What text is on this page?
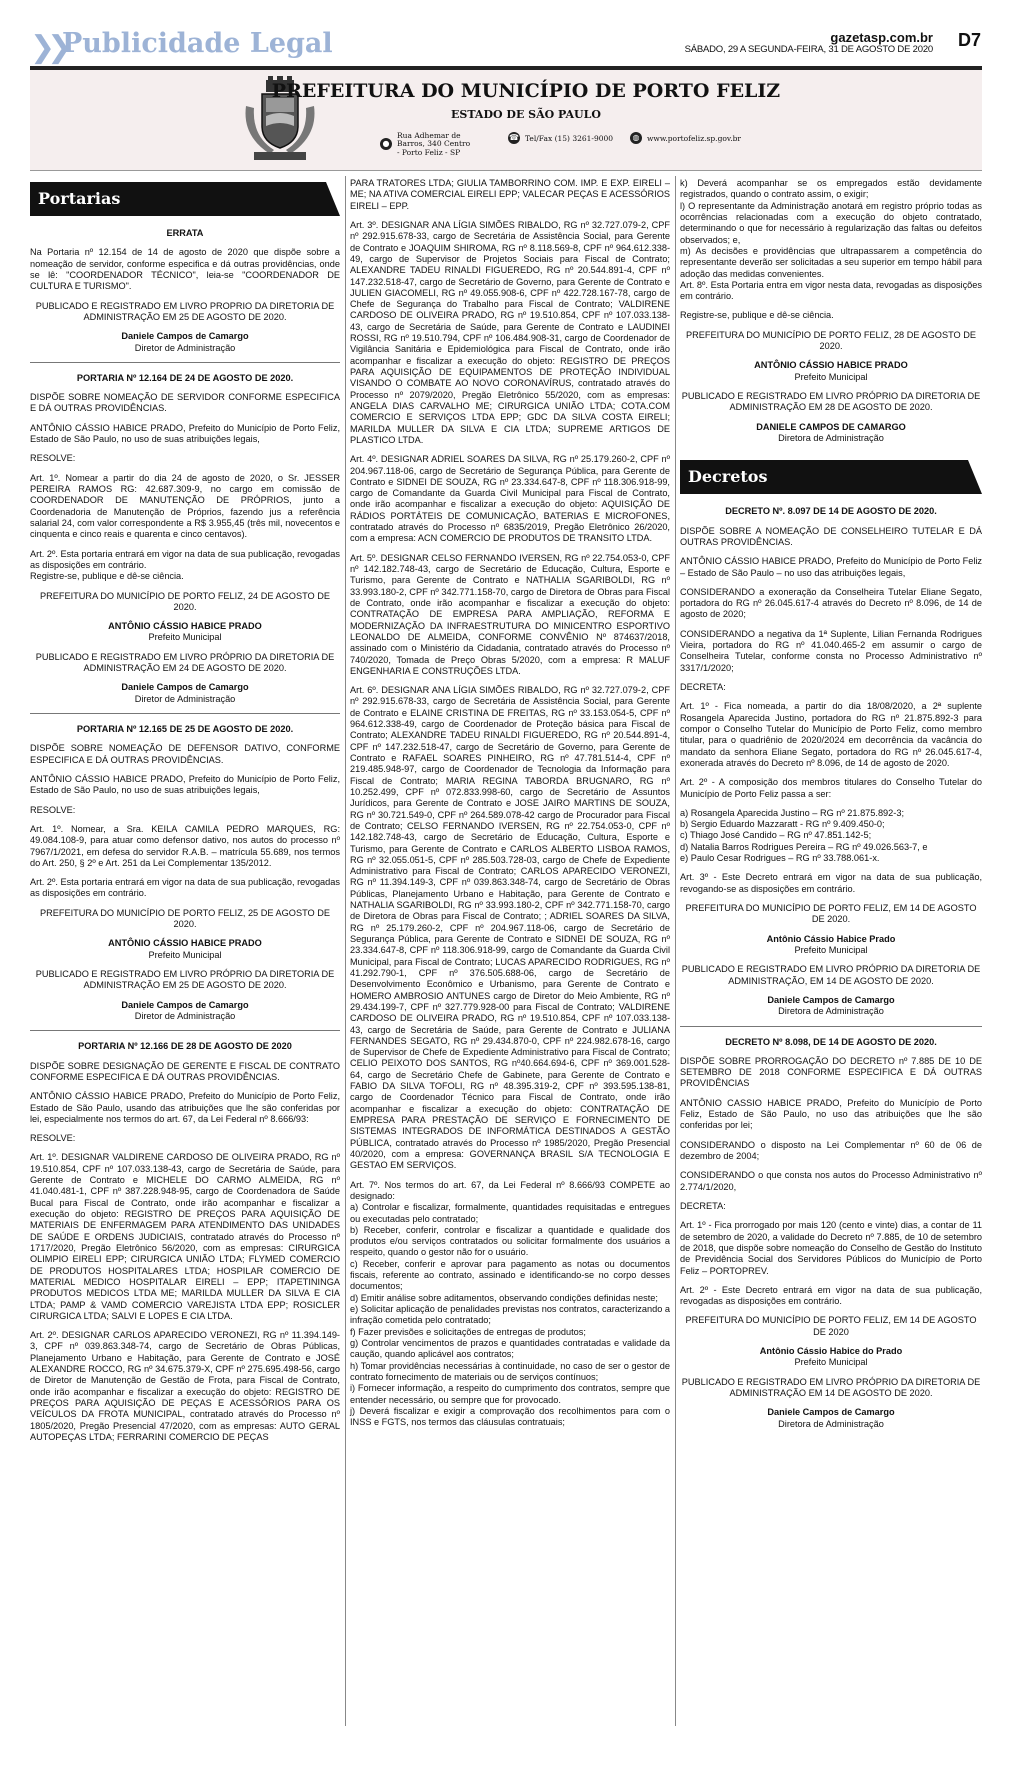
❯❯
Publicidade Legal	gazetasp.com.br
SÁBADO, 29 A SEGUNDA-FEIRA, 31 DE AGOSTO DE 2020 D7
PREFEITURA DO MUNICÍPIO DE PORTO FELIZ
ESTADO DE SÃO PAULO
●
Rua Adhemar de Barros, 340 Centro - Porto Feliz - SP
☎ Tel/Fax (15) 3261-9000	◍	www.portofeliz.sp.gov.br
Portarias

ERRATA

Na Portaria nº 12.154 de 14 de agosto de 2020 que dispõe sobre a nomeação de servidor, conforme especifica e dá outras providências, onde se lê: "COORDENADOR TÉCNICO", leia-se "COORDENADOR DE CULTURA E TURISMO".

PUBLICADO E REGISTRADO EM LIVRO PROPRIO DA DIRETORIA DE ADMINISTRAÇÃO EM 25 DE AGOSTO DE 2020.

Daniele Campos de Camargo
Diretor de Administração

PORTARIA Nº 12.164 DE 24 DE AGOSTO DE 2020.

DISPÕE SOBRE NOMEAÇÃO DE SERVIDOR CONFORME ESPECIFICA E DÁ OUTRAS PROVIDÊNCIAS.

ANTÔNIO CÁSSIO HABICE PRADO, Prefeito do Município de Porto Feliz, Estado de São Paulo, no uso de suas atribuições legais,

RESOLVE:

Art. 1º. Nomear a partir do dia 24 de agosto de 2020, o Sr. JESSER PEREIRA RAMOS RG: 42.687.309-9, no cargo em comissão de COORDENADOR DE MANUTENÇÃO DE PRÓPRIOS, junto a Coordenadoria de Manutenção de Próprios, fazendo jus a referência salarial 24, com valor correspondente a R$ 3.955,45 (três mil, novecentos e cinquenta e cinco reais e quarenta e cinco centavos).

Art. 2º. Esta portaria entrará em vigor na data de sua publicação, revogadas as disposições em contrário.

Registre-se, publique e dê-se ciência.

PREFEITURA DO MUNICÍPIO DE PORTO FELIZ, 24 DE AGOSTO DE 2020.

ANTÔNIO CÁSSIO HABICE PRADO
Prefeito Municipal

PUBLICADO E REGISTRADO EM LIVRO PRÓPRIO DA DIRETORIA DE ADMINISTRAÇÃO EM 24 DE AGOSTO DE 2020.

Daniele Campos de Camargo
Diretor de Administração

PORTARIA Nº 12.165 DE 25 DE AGOSTO DE 2020.

DISPÕE SOBRE NOMEAÇÃO DE DEFENSOR DATIVO, CONFORME ESPECIFICA E DÁ OUTRAS PROVIDÊNCIAS.

ANTÔNIO CÁSSIO HABICE PRADO, Prefeito do Município de Porto Feliz, Estado de São Paulo, no uso de suas atribuições legais,

RESOLVE:

Art. 1º. Nomear, a Sra. KEILA CAMILA PEDRO MARQUES, RG: 49.084.108-9, para atuar como defensor dativo, nos autos do processo nº 7967/1/2021, em defesa do servidor R.A.B. – matrícula 55.689, nos termos do Art. 250, § 2º e Art. 251 da Lei Complementar 135/2012.

Art. 2º. Esta portaria entrará em vigor na data de sua publicação, revogadas as disposições em contrário.

PREFEITURA DO MUNICÍPIO DE PORTO FELIZ, 25 DE AGOSTO DE 2020.

ANTÔNIO CÁSSIO HABICE PRADO
Prefeito Municipal

PUBLICADO E REGISTRADO EM LIVRO PRÓPRIO DA DIRETORIA DE ADMINISTRAÇÃO EM 25 DE AGOSTO DE 2020.

Daniele Campos de Camargo
Diretor de Administração

PORTARIA Nº 12.166 DE 28 DE AGOSTO DE 2020

DISPÕE SOBRE DESIGNAÇÃO DE GERENTE E FISCAL DE CONTRATO CONFORME ESPECIFICA E DÁ OUTRAS PROVIDÊNCIAS.

ANTÔNIO CÁSSIO HABICE PRADO, Prefeito do Município de Porto Feliz, Estado de São Paulo, usando das atribuições que lhe são conferidas por lei, especialmente nos termos do art. 67, da Lei Federal nº 8.666/93:

RESOLVE:

Art. 1º. DESIGNAR VALDIRENE CARDOSO DE OLIVEIRA PRADO, RG nº 19.510.854, CPF nº 107.033.138-43, cargo de Secretária de Saúde, para Gerente de Contrato e MICHELE DO CARMO ALMEIDA, RG nº 41.040.481-1, CPF nº 387.228.948-95, cargo de Coordenadora de Saúde Bucal para Fiscal de Contrato, onde irão acompanhar e fiscalizar a execução do objeto: REGISTRO DE PREÇOS PARA AQUISIÇÃO DE MATERIAIS DE ENFERMAGEM PARA ATENDIMENTO DAS UNIDADES DE SAÚDE E ORDENS JUDICIAIS, contratado através do Processo nº 1717/2020, Pregão Eletrônico 56/2020, com as empresas: CIRURGICA OLIMPIO EIRELI EPP; CIRURGICA UNIÃO LTDA; FLYMED COMERCIO DE PRODUTOS HOSPITALARES LTDA; HOSPILAR COMERCIO DE MATERIAL MEDICO HOSPITALAR EIRELI – EPP; ITAPETININGA PRODUTOS MEDICOS LTDA ME; MARILDA MULLER DA SILVA E CIA LTDA; PAMP & VAMD COMERCIO VAREJISTA LTDA EPP; ROSICLER CIRURGICA LTDA; SALVI E LOPES E CIA LTDA.

Art. 2º. DESIGNAR CARLOS APARECIDO VERONEZI, RG nº 11.394.149-3, CPF nº 039.863.348-74, cargo de Secretário de Obras Públicas, Planejamento Urbano e Habitação, para Gerente de Contrato e JOSÉ ALEXANDRE ROCCO, RG nº 34.675.379-X, CPF nº 275.695.498-56, cargo de Diretor de Manutenção de Gestão de Frota, para Fiscal de Contrato, onde irão acompanhar e fiscalizar a execução do objeto: REGISTRO DE PREÇOS PARA AQUISIÇÃO DE PEÇAS E ACESSÓRIOS PARA OS VEÍCULOS DA FROTA MUNICIPAL, contratado através do Processo nº 1805/2020, Pregão Presencial 47/2020, com as empresas: AUTO GERAL AUTOPEÇAS LTDA; FERRARINI COMERCIO DE PEÇAS

PARA TRATORES LTDA; GIULIA TAMBORRINO COM. IMP. E EXP. EIRELI – ME; NA ATIVA COMERCIAL EIRELI EPP; VALECAR PEÇAS E ACESSÓRIOS EIRELI – EPP.

Art. 3º. DESIGNAR ANA LÍGIA SIMÕES RIBALDO, RG nº 32.727.079-2, CPF nº 292.915.678-33, cargo de Secretária de Assistência Social, para Gerente de Contrato e JOAQUIM SHIROMA, RG nº 8.118.569-8, CPF nº 964.612.338-49, cargo de Supervisor de Projetos Sociais para Fiscal de Contrato; ALEXANDRE TADEU RINALDI FIGUEREDO, RG nº 20.544.891-4, CPF nº 147.232.518-47, cargo de Secretário de Governo, para Gerente de Contrato e JULIEN GIACOMELI, RG nº 49.055.908-6, CPF nº 422.728.167-78, cargo de Chefe de Segurança do Trabalho para Fiscal de Contrato; VALDIRENE CARDOSO DE OLIVEIRA PRADO, RG nº 19.510.854, CPF nº 107.033.138-43, cargo de Secretária de Saúde, para Gerente de Contrato e LAUDINEI ROSSI, RG nº 19.510.794, CPF nº 106.484.908-31, cargo de Coordenador de Vigilância Sanitária e Epidemiológica para Fiscal de Contrato, onde irão acompanhar e fiscalizar a execução do objeto: REGISTRO DE PREÇOS PARA AQUISIÇÃO DE EQUIPAMENTOS DE PROTEÇÃO INDIVIDUAL VISANDO O COMBATE AO NOVO CORONAVÍRUS, contratado através do Processo nº 2079/2020, Pregão Eletrônico 55/2020, com as empresas: ANGELA DIAS CARVALHO ME; CIRURGICA UNIÃO LTDA; COTA.COM COMERCIO E SERVIÇOS LTDA EPP; GDC DA SILVA COSTA EIRELI; MARILDA MULLER DA SILVA E CIA LTDA; SUPREME ARTIGOS DE PLASTICO LTDA.

Art. 4º. DESIGNAR ADRIEL SOARES DA SILVA, RG nº 25.179.260-2, CPF nº 204.967.118-06, cargo de Secretário de Segurança Pública, para Gerente de Contrato e SIDNEI DE SOUZA, RG nº 23.334.647-8, CPF nº 118.306.918-99, cargo de Comandante da Guarda Civil Municipal para Fiscal de Contrato, onde irão acompanhar e fiscalizar a execução do objeto: AQUISIÇÃO DE RÁDIOS PORTÁTEIS DE COMUNICAÇÃO, BATERIAS E MICROFONES, contratado através do Processo nº 6835/2019, Pregão Eletrônico 26/2020, com a empresa: ACN COMERCIO DE PRODUTOS DE TRANSITO LTDA.

Art. 5º. DESIGNAR CELSO FERNANDO IVERSEN, RG nº 22.754.053-0, CPF nº 142.182.748-43, cargo de Secretário de Educação, Cultura, Esporte e Turismo, para Gerente de Contrato e NATHALIA SGARIBOLDI, RG nº 33.993.180-2, CPF nº 342.771.158-70, cargo de Diretora de Obras para Fiscal de Contrato, onde irão acompanhar e fiscalizar a execução do objeto: CONTRATAÇÃO DE EMPRESA PARA AMPLIAÇÃO, REFORMA E MODERNIZAÇÃO DA INFRAESTRUTURA DO MINICENTRO ESPORTIVO LEONALDO DE ALMEIDA, CONFORME CONVÊNIO Nº 874637/2018, assinado com o Ministério da Cidadania, contratado através do Processo nº 740/2020, Tomada de Preço Obras 5/2020, com a empresa: R MALUF ENGENHARIA E CONSTRUÇÕES LTDA.

Art. 6º. DESIGNAR ANA LÍGIA SIMÕES RIBALDO, RG nº 32.727.079-2, CPF nº 292.915.678-33, cargo de Secretária de Assistência Social, para Gerente de Contrato e ELAINE CRISTINA DE FREITAS, RG nº 33.153.054-5, CPF nº 964.612.338-49, cargo de Coordenador de Proteção básica para Fiscal de Contrato; ALEXANDRE TADEU RINALDI FIGUEREDO, RG nº 20.544.891-4, CPF nº 147.232.518-47, cargo de Secretário de Governo, para Gerente de Contrato e RAFAEL SOARES PINHEIRO, RG nº 47.781.514-4, CPF nº 219.485.948-97, cargo de Coordenador de Tecnologia da Informação para Fiscal de Contrato; MARIA REGINA TABORDA BRUGNARO, RG nº 10.252.499, CPF nº 072.833.998-60, cargo de Secretário de Assuntos Jurídicos, para Gerente de Contrato e JOSE JAIRO MARTINS DE SOUZA, RG nº 30.721.549-0, CPF nº 264.589.078-42 cargo de Procurador para Fiscal de Contrato; CELSO FERNANDO IVERSEN, RG nº 22.754.053-0, CPF nº 142.182.748-43, cargo de Secretário de Educação, Cultura, Esporte e Turismo, para Gerente de Contrato e CARLOS ALBERTO LISBOA RAMOS, RG nº 32.055.051-5, CPF nº 285.503.728-03, cargo de Chefe de Expediente Administrativo para Fiscal de Contrato; CARLOS APARECIDO VERONEZI, RG nº 11.394.149-3, CPF nº 039.863.348-74, cargo de Secretário de Obras Públicas, Planejamento Urbano e Habitação, para Gerente de Contrato e NATHALIA SGARIBOLDI, RG nº 33.993.180-2, CPF nº 342.771.158-70, cargo de Diretora de Obras para Fiscal de Contrato; ; ADRIEL SOARES DA SILVA, RG nº 25.179.260-2, CPF nº 204.967.118-06, cargo de Secretário de Segurança Pública, para Gerente de Contrato e SIDNEI DE SOUZA, RG nº 23.334.647-8, CPF nº 118.306.918-99, cargo de Comandante da Guarda Civil Municipal, para Fiscal de Contrato; LUCAS APARECIDO RODRIGUES, RG nº 41.292.790-1, CPF nº 376.505.688-06, cargo de Secretário de Desenvolvimento Econômico e Urbanismo, para Gerente de Contrato e HOMERO AMBROSIO ANTUNES cargo de Diretor do Meio Ambiente, RG nº 29.434.199-7, CPF nº 327.779.928-00 para Fiscal de Contrato; VALDIRENE CARDOSO DE OLIVEIRA PRADO, RG nº 19.510.854, CPF nº 107.033.138-43, cargo de Secretária de Saúde, para Gerente de Contrato e JULIANA FERNANDES SEGATO, RG nº 29.434.870-0, CPF nº 224.982.678-16, cargo de Supervisor de Chefe de Expediente Administrativo para Fiscal de Contrato; CELIO PEIXOTO DOS SANTOS, RG nº40.664.694-6, CPF nº 369.001.528-64, cargo de Secretário Chefe de Gabinete, para Gerente de Contrato e FABIO DA SILVA TOFOLI, RG nº 48.395.319-2, CPF nº 393.595.138-81, cargo de Coordenador Técnico para Fiscal de Contrato, onde irão acompanhar e fiscalizar a execução do objeto: CONTRATAÇÃO DE EMPRESA PARA PRESTAÇÃO DE SERVIÇO E FORNECIMENTO DE SISTEMAS INTEGRADOS DE INFORMÁTICA DESTINADOS A GESTÃO PÚBLICA, contratado através do Processo nº 1985/2020, Pregão Presencial 40/2020, com a empresa: GOVERNANÇA BRASIL S/A TECNOLOGIA E GESTAO EM SERVIÇOS.

Art. 7º. Nos termos do art. 67, da Lei Federal nº 8.666/93 COMPETE ao designado:

a) Controlar e fiscalizar, formalmente, quantidades requisitadas e entregues ou executadas pelo contratado;
b) Receber, conferir, controlar e fiscalizar a quantidade e qualidade dos produtos e/ou serviços contratados ou solicitar formalmente dos usuários a respeito, quando o gestor não for o usuário.
c) Receber, conferir e aprovar para pagamento as notas ou documentos fiscais, referente ao contrato, assinado e identificando-se no corpo desses documentos;
d) Emitir análise sobre aditamentos, observando condições definidas neste;
e) Solicitar aplicação de penalidades previstas nos contratos, caracterizando a infração cometida pelo contratado;
f) Fazer previsões e solicitações de entregas de produtos;
g) Controlar vencimentos de prazos e quantidades contratadas e validade da caução, quando aplicável aos contratos;
h) Tomar providências necessárias à continuidade, no caso de ser o gestor de contrato fornecimento de materiais ou de serviços contínuos;
i) Fornecer informação, a respeito do cumprimento dos contratos, sempre que entender necessário, ou sempre que for provocado.
j) Deverá fiscalizar e exigir a comprovação dos recolhimentos para com o INSS e FGTS, nos termos das cláusulas contratuais;
k) Deverá acompanhar se os empregados estão devidamente registrados, quando o contrato assim, o exigir;
l) O representante da Administração anotará em registro próprio todas as ocorrências relacionadas com a execução do objeto contratado, determinando o que for necessário à regularização das faltas ou defeitos observados; e,
m) As decisões e providências que ultrapassarem a competência do representante deverão ser solicitadas a seu superior em tempo hábil para adoção das medidas convenientes.
Art. 8º. Esta Portaria entra em vigor nesta data, revogadas as disposições em contrário.

Registre-se, publique e dê-se ciência.

PREFEITURA DO MUNICÍPIO DE PORTO FELIZ, 28 DE AGOSTO DE 2020.

ANTÔNIO CÁSSIO HABICE PRADO
Prefeito Municipal

PUBLICADO E REGISTRADO EM LIVRO PRÓPRIO DA DIRETORIA DE ADMINISTRAÇÃO EM 28 DE AGOSTO DE 2020.

DANIELE CAMPOS DE CAMARGO
Diretora de Administração

Decretos

DECRETO Nº. 8.097 DE 14 DE AGOSTO DE 2020.

DISPÕE SOBRE A NOMEAÇÃO DE CONSELHEIRO TUTELAR E DÁ OUTRAS PROVIDÊNCIAS.

ANTÔNIO CÁSSIO HABICE PRADO, Prefeito do Município de Porto Feliz – Estado de São Paulo – no uso das atribuições legais,

CONSIDERANDO a exoneração da Conselheira Tutelar Eliane Segato, portadora do RG nº 26.045.617-4 através do Decreto nº 8.096, de 14 de agosto de 2020;

CONSIDERANDO a negativa da 1ª Suplente, Lilian Fernanda Rodrigues Vieira, portadora do RG nº 41.040.465-2 em assumir o cargo de Conselheira Tutelar, conforme consta no Processo Administrativo nº 3317/1/2020;

DECRETA:

Art. 1º - Fica nomeada, a partir do dia 18/08/2020, a 2ª suplente Rosangela Aparecida Justino, portadora do RG nº 21.875.892-3 para compor o Conselho Tutelar do Município de Porto Feliz, como membro titular, para o quadriênio de 2020/2024 em decorrência da vacância do mandato da senhora Eliane Segato, portadora do RG nº 26.045.617-4, exonerada através do Decreto nº 8.096, de 14 de agosto de 2020.

Art. 2º - A composição dos membros titulares do Conselho Tutelar do Município de Porto Feliz passa a ser:

a) Rosangela Aparecida Justino – RG nº 21.875.892-3;
b) Sergio Eduardo Mazzaratt - RG nº 9.409.450-0;
c) Thiago José Candido – RG nº 47.851.142-5;
d) Natalia Barros Rodrigues Pereira – RG nº 49.026.563-7, e
e) Paulo Cesar Rodrigues – RG nº 33.788.061-x.

Art. 3º - Este Decreto entrará em vigor na data de sua publicação, revogando-se as disposições em contrário.

PREFEITURA DO MUNICÍPIO DE PORTO FELIZ, EM 14 DE AGOSTO DE 2020.

Antônio Cássio Habice Prado
Prefeito Municipal

PUBLICADO E REGISTRADO EM LIVRO PRÓPRIO DA DIRETORIA DE ADMINISTRAÇÃO, EM 14 DE AGOSTO DE 2020.

Daniele Campos de Camargo
Diretora de Administração

DECRETO Nº 8.098, DE 14 DE AGOSTO DE 2020.

DISPÕE SOBRE PRORROGAÇÃO DO DECRETO nº 7.885 DE 10 DE SETEMBRO DE 2018 CONFORME ESPECIFICA E DÁ OUTRAS PROVIDÊNCIAS

ANTÔNIO CASSIO HABICE PRADO, Prefeito do Município de Porto Feliz, Estado de São Paulo, no uso das atribuições que lhe são conferidas por lei;

CONSIDERANDO o disposto na Lei Complementar nº 60 de 06 de dezembro de 2004;

CONSIDERANDO o que consta nos autos do Processo Administrativo nº 2.774/1/2020,

DECRETA:

Art. 1º - Fica prorrogado por mais 120 (cento e vinte) dias, a contar de 11 de setembro de 2020, a validade do Decreto nº 7.885, de 10 de setembro de 2018, que dispõe sobre nomeação do Conselho de Gestão do Instituto de Previdência Social dos Servidores Públicos do Município de Porto Feliz – PORTOPREV.

Art. 2º - Este Decreto entrará em vigor na data de sua publicação, revogadas as disposições em contrário.

PREFEITURA DO MUNICÍPIO DE PORTO FELIZ, EM 14 DE AGOSTO DE 2020

Antônio Cássio Habice do Prado
Prefeito Municipal

PUBLICADO E REGISTRADO EM LIVRO PRÓPRIO DA DIRETORIA DE ADMINISTRAÇÃO EM 14 DE AGOSTO DE 2020.

Daniele Campos de Camargo
Diretora de Administração
